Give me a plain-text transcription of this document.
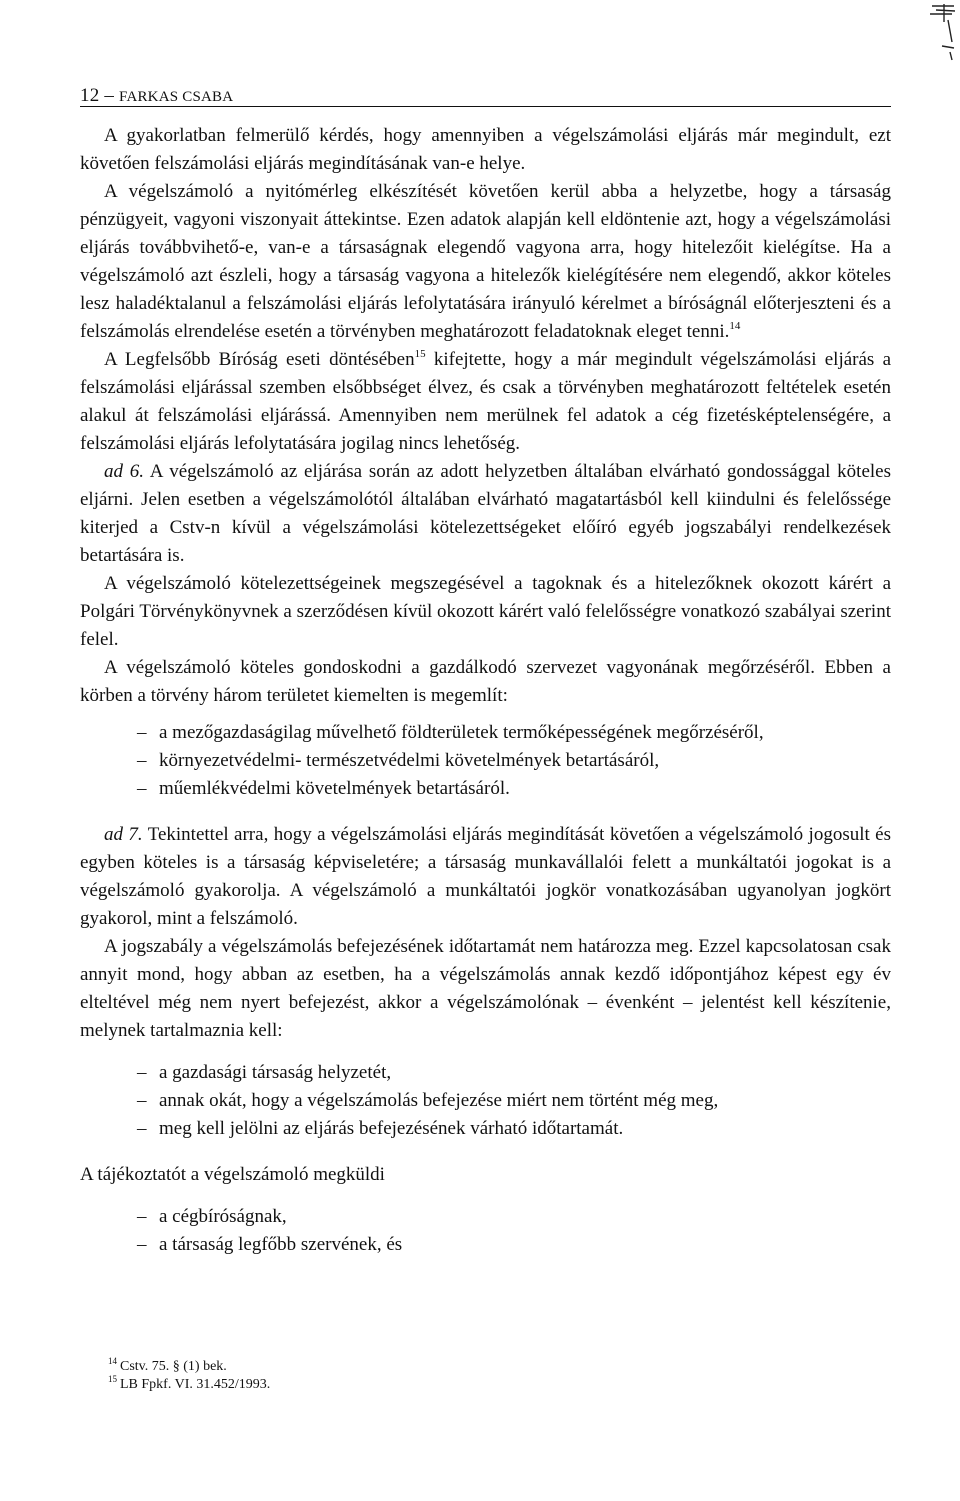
12 – FARKAS CSABA

A gyakorlatban felmerülő kérdés, hogy amennyiben a végelszámolási eljárás már megindult, ezt követően felszámolási eljárás megindításának van-e helye.

A végelszámoló a nyitómérleg elkészítését követően kerül abba a helyzetbe, hogy a társaság pénzügyeit, vagyoni viszonyait áttekintse. Ezen adatok alapján kell eldöntenie azt, hogy a végelszámolási eljárás továbbvihető-e, van-e a társaságnak elegendő vagyona arra, hogy hitelezőit kielégítse. Ha a végelszámoló azt észleli, hogy a társaság vagyona a hitelezők kielégítésére nem elegendő, akkor köteles lesz haladéktalanul a felszámolási eljárás lefolytatására irányuló kérelmet a bíróságnál előterjeszteni és a felszámolás elrendelése esetén a törvényben meghatározott feladatoknak eleget tenni.$^{14}$

A Legfelsőbb Bíróság eseti döntésében$^{15}$ kifejtette, hogy a már megindult végelszámolási eljárás a felszámolási eljárással szemben elsőbbséget élvez, és csak a törvényben meghatározott feltételek esetén alakul át felszámolási eljárássá. Amennyiben nem merülnek fel adatok a cég fizetésképtelenségére, a felszámolási eljárás lefolytatására jogilag nincs lehetőség.

ad 6. A végelszámoló az eljárása során az adott helyzetben általában elvárható gondossággal köteles eljárni. Jelen esetben a végelszámolótól általában elvárható magatartásból kell kiindulni és felelőssége kiterjed a Cstv-n kívül a végelszámolási kötelezettségeket előíró egyéb jogszabályi rendelkezések betartására is.

A végelszámoló kötelezettségeinek megszegésével a tagoknak és a hitelezőknek okozott kárért a Polgári Törvénykönyvnek a szerződésen kívül okozott kárért való felelősségre vonatkozó szabályai szerint felel.

A végelszámoló köteles gondoskodni a gazdálkodó szervezet vagyonának megőrzéséről. Ebben a körben a törvény három területet kiemelten is megemlít:

– a mezőgazdaságilag művelhető földterületek termőképességének megőrzéséről,
– környezetvédelmi- természetvédelmi követelmények betartásáról,
– műemlékvédelmi követelmények betartásáról.

ad 7. Tekintettel arra, hogy a végelszámolási eljárás megindítását követően a végelszámoló jogosult és egyben köteles is a társaság képviseletére; a társaság munkavállalói felett a munkáltatói jogokat is a végelszámoló gyakorolja. A végelszámoló a munkáltatói jogkör vonatkozásában ugyanolyan jogkört gyakorol, mint a felszámoló.

A jogszabály a végelszámolás befejezésének időtartamát nem határozza meg. Ezzel kapcsolatosan csak annyit mond, hogy abban az esetben, ha a végelszámolás annak kezdő időpontjához képest egy év elteltével még nem nyert befejezést, akkor a végelszámolónak – évenként – jelentést kell készítenie, melynek tartalmaznia kell:

– a gazdasági társaság helyzetét,
– annak okát, hogy a végelszámolás befejezése miért nem történt még meg,
– meg kell jelölni az eljárás befejezésének várható időtartamát.

A tájékoztatót a végelszámoló megküldi

– a cégbíróságnak,
– a társaság legfőbb szervének, és
$^{14}$ Cstv. 75. § (1) bek.
$^{15}$ LB Fpkf. VI. 31.452/1993.
